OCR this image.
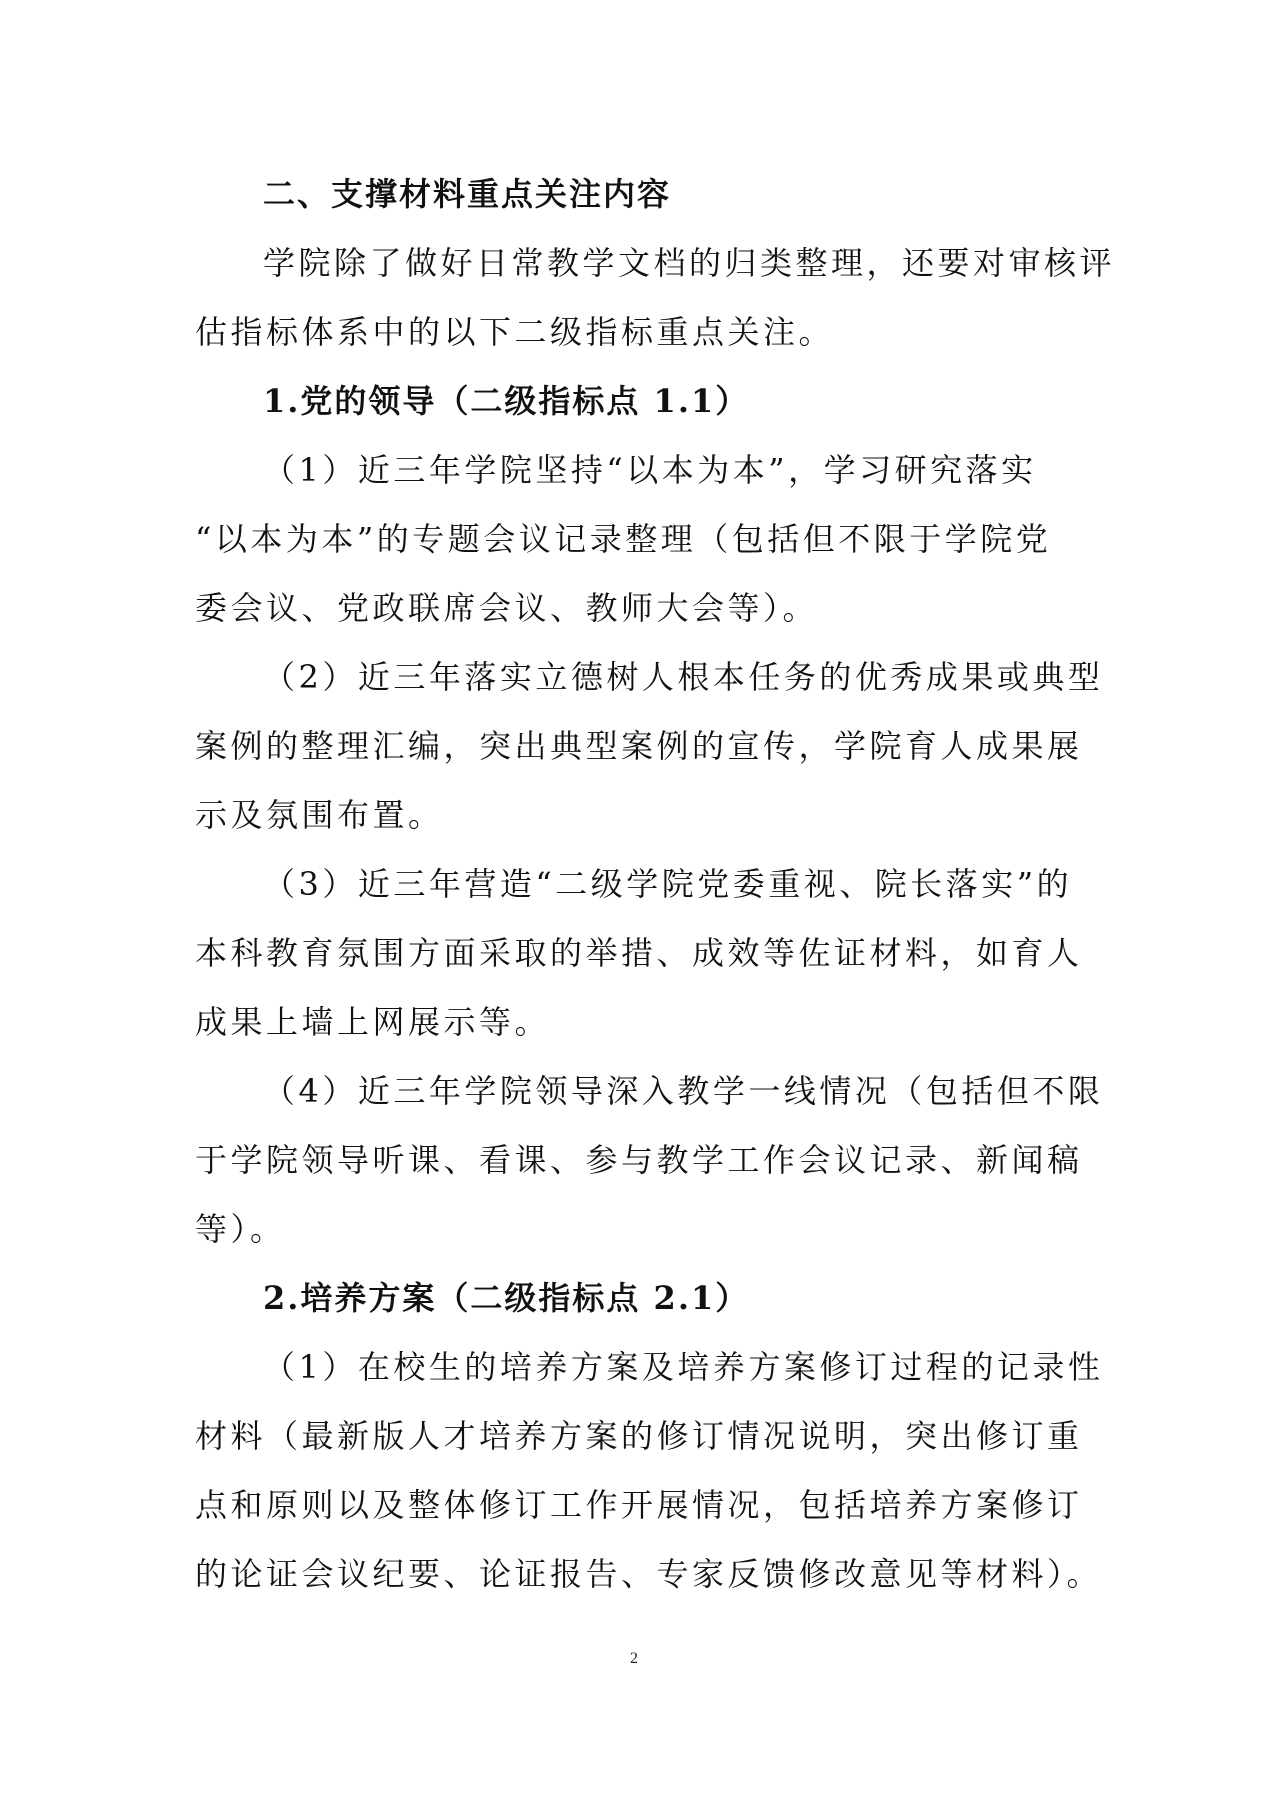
二、支撑材料重点关注内容
学院除了做好日常教学文档的归类整理，还要对审核评
估指标体系中的以下二级指标重点关注。
1.党的领导（二级指标点 1.1）
（1）近三年学院坚持“以本为本”，学习研究落实
“以本为本”的专题会议记录整理（包括但不限于学院党
委会议、党政联席会议、教师大会等）。
（2）近三年落实立德树人根本任务的优秀成果或典型
案例的整理汇编，突出典型案例的宣传，学院育人成果展
示及氛围布置。
（3）近三年营造“二级学院党委重视、院长落实”的
本科教育氛围方面采取的举措、成效等佐证材料，如育人
成果上墙上网展示等。
（4）近三年学院领导深入教学一线情况（包括但不限
于学院领导听课、看课、参与教学工作会议记录、新闻稿
等）。
2.培养方案（二级指标点 2.1）
（1）在校生的培养方案及培养方案修订过程的记录性
材料（最新版人才培养方案的修订情况说明，突出修订重
点和原则以及整体修订工作开展情况，包括培养方案修订
的论证会议纪要、论证报告、专家反馈修改意见等材料）。
2
